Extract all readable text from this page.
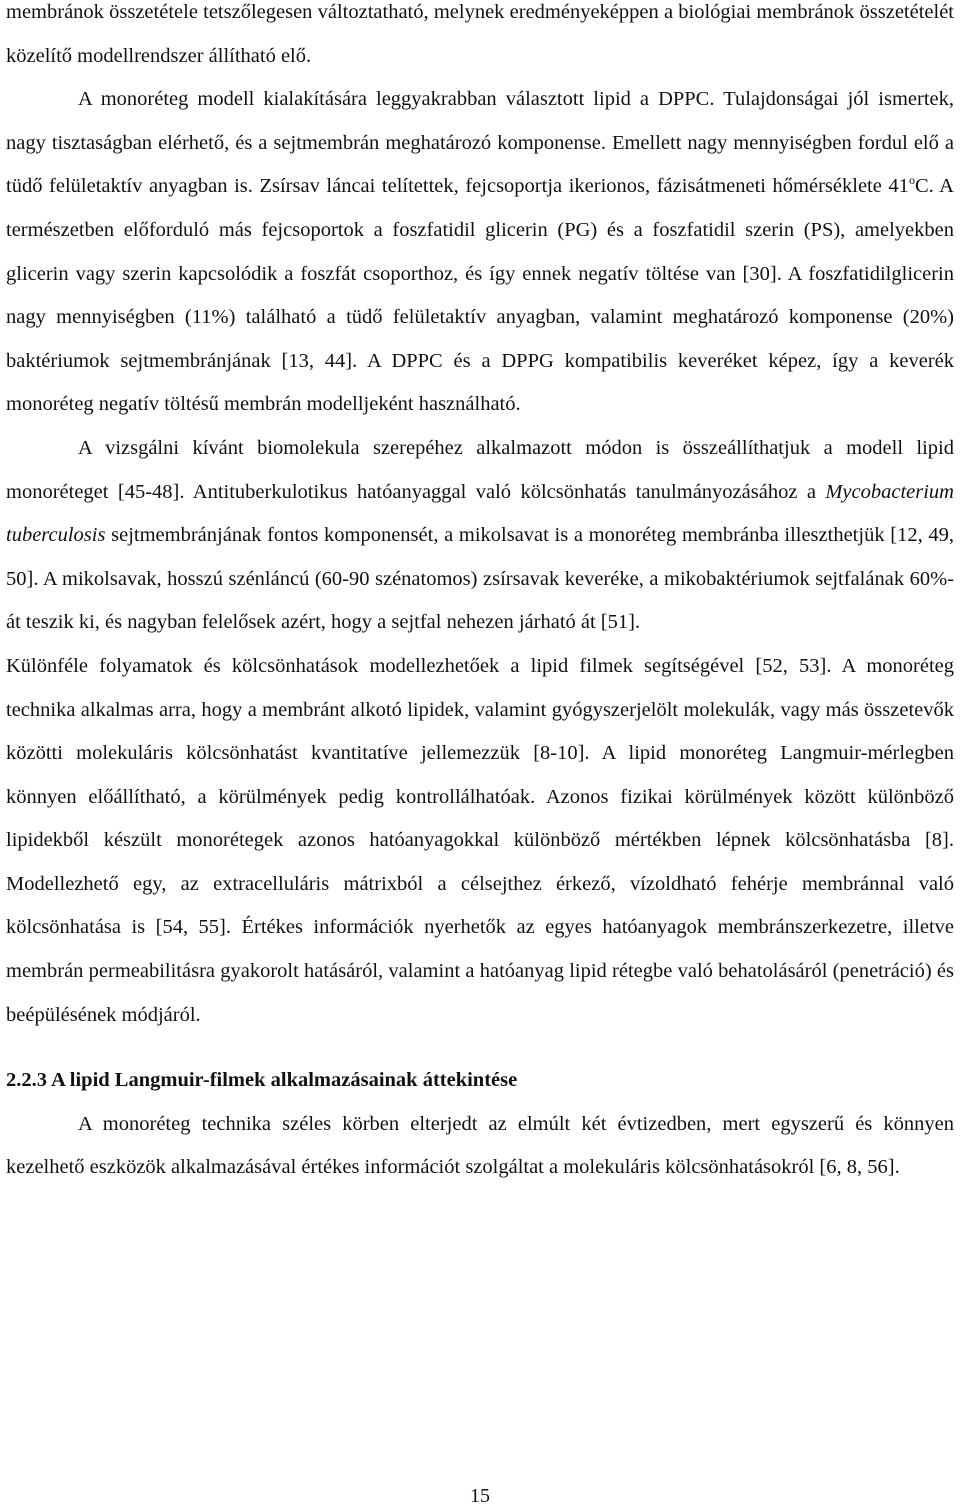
membránok összetétele tetszőlegesen változtatható, melynek eredményeképpen a biológiai membránok összetételét közelítő modellrendszer állítható elő.

A monoréteg modell kialakítására leggyakrabban választott lipid a DPPC. Tulajdonságai jól ismertek, nagy tisztaságban elérhető, és a sejtmembrán meghatározó komponense. Emellett nagy mennyiségben fordul elő a tüdő felületaktív anyagban is. Zsírsav láncai telítettek, fejcsoportja ikerionos, fázisátmeneti hőmérséklete 41$^o$C. A természetben előforduló más fejcsoportok a foszfatidil glicerin (PG) és a foszfatidil szerin (PS), amelyekben glicerin vagy szerin kapcsolódik a foszfát csoporthoz, és így ennek negatív töltése van [30]. A foszfatidilglicerin nagy mennyiségben (11%) található a tüdő felületaktív anyagban, valamint meghatározó komponense (20%) baktériumok sejtmembránjának [13, 44]. A DPPC és a DPPG kompatibilis keveréket képez, így a keverék monoréteg negatív töltésű membrán modelljeként használható.

A vizsgálni kívánt biomolekula szerepéhez alkalmazott módon is összeállíthatjuk a modell lipid monoréteget [45-48]. Antituberkulotikus hatóanyaggal való kölcsönhatás tanulmányozásához a Mycobacterium tuberculosis sejtmembránjának fontos komponensét, a mikolsavat is a monoréteg membránba illeszthetjük [12, 49, 50]. A mikolsavak, hosszú szénláncú (60-90 szénatomos) zsírsavak keveréke, a mikobaktériumok sejtfalának 60%-át teszik ki, és nagyban felelősek azért, hogy a sejtfal nehezen járható át [51].

Különféle folyamatok és kölcsönhatások modellezhetőek a lipid filmek segítségével [52, 53]. A monoréteg technika alkalmas arra, hogy a membránt alkotó lipidek, valamint gyógyszerjelölt molekulák, vagy más összetevők közötti molekuláris kölcsönhatást kvantitatíve jellemezzük [8-10]. A lipid monoréteg Langmuir-mérlegben könnyen előállítható, a körülmények pedig kontrollálhatóak. Azonos fizikai körülmények között különböző lipidekből készült monorétegek azonos hatóanyagokkal különböző mértékben lépnek kölcsönhatásba [8]. Modellezhető egy, az extracelluláris mátrixból a célsejthez érkező, vízoldható fehérje membránnal való kölcsönhatása is [54, 55]. Értékes információk nyerhetők az egyes hatóanyagok membránszerkezetre, illetve membrán permeabilitásra gyakorolt hatásáról, valamint a hatóanyag lipid rétegbe való behatolásáról (penetráció) és beépülésének módjáról.

2.2.3 A lipid Langmuir-filmek alkalmazásainak áttekintése

A monoréteg technika széles körben elterjedt az elmúlt két évtizedben, mert egyszerű és könnyen kezelhető eszközök alkalmazásával értékes információt szolgáltat a molekuláris kölcsönhatásokról [6, 8, 56].

15
